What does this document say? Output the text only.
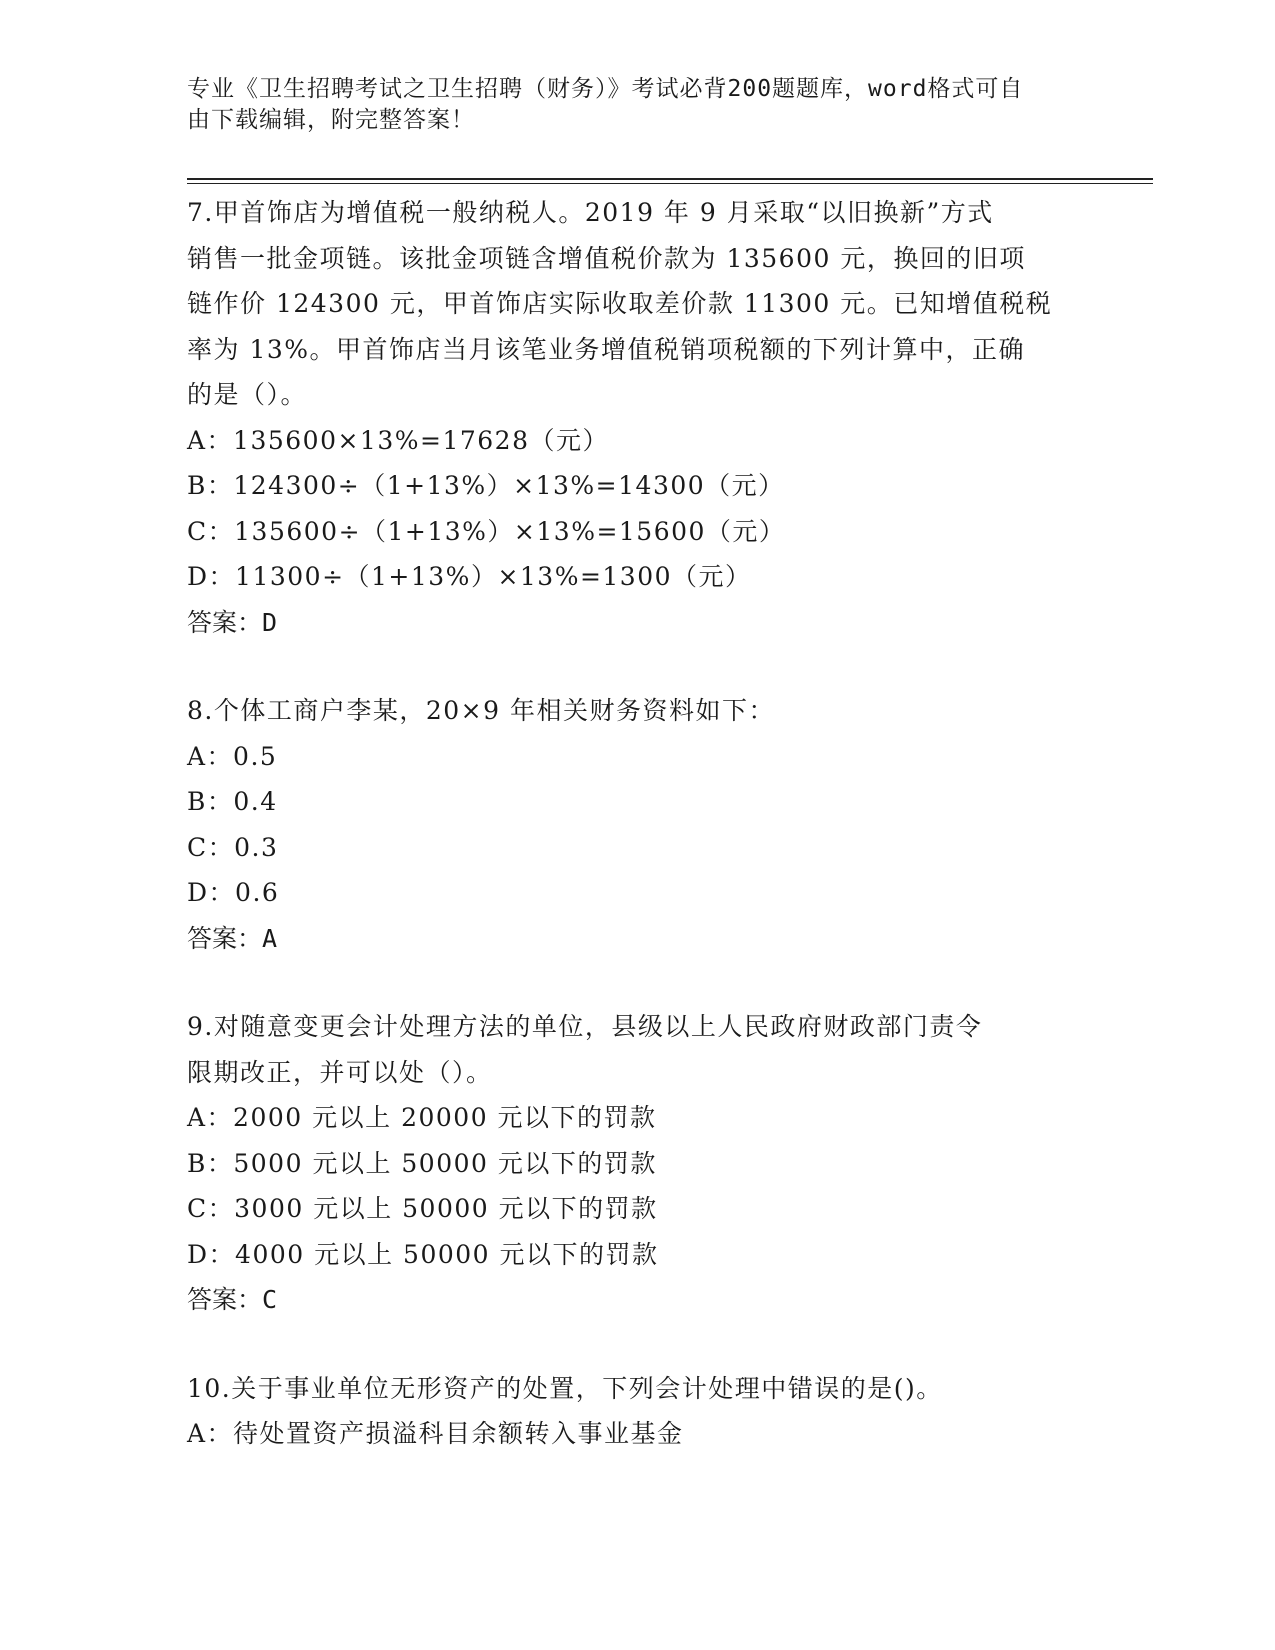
专业《卫生招聘考试之卫生招聘（财务）》考试必背200题题库，word格式可自
由下载编辑，附完整答案！
7.甲首饰店为增值税一般纳税人。2019 年 9 月采取“以旧换新”方式
销售一批金项链。该批金项链含增值税价款为 135600 元，换回的旧项
链作价 124300 元，甲首饰店实际收取差价款 11300 元。已知增值税税
率为 13%。甲首饰店当月该笔业务增值税销项税额的下列计算中，正确
的是（）。
A：135600×13%=17628（元）
B：124300÷（1+13%）×13%=14300（元）
C：135600÷（1+13%）×13%=15600（元）
D：11300÷（1+13%）×13%=1300（元）
答案：D
8.个体工商户李某，20×9 年相关财务资料如下：
A：0.5
B：0.4
C：0.3
D：0.6
答案：A
9.对随意变更会计处理方法的单位，县级以上人民政府财政部门责令
限期改正，并可以处（）。
A：2000 元以上 20000 元以下的罚款
B：5000 元以上 50000 元以下的罚款
C：3000 元以上 50000 元以下的罚款
D：4000 元以上 50000 元以下的罚款
答案：C
10.关于事业单位无形资产的处置，下列会计处理中错误的是()。
A：待处置资产损溢科目余额转入事业基金
